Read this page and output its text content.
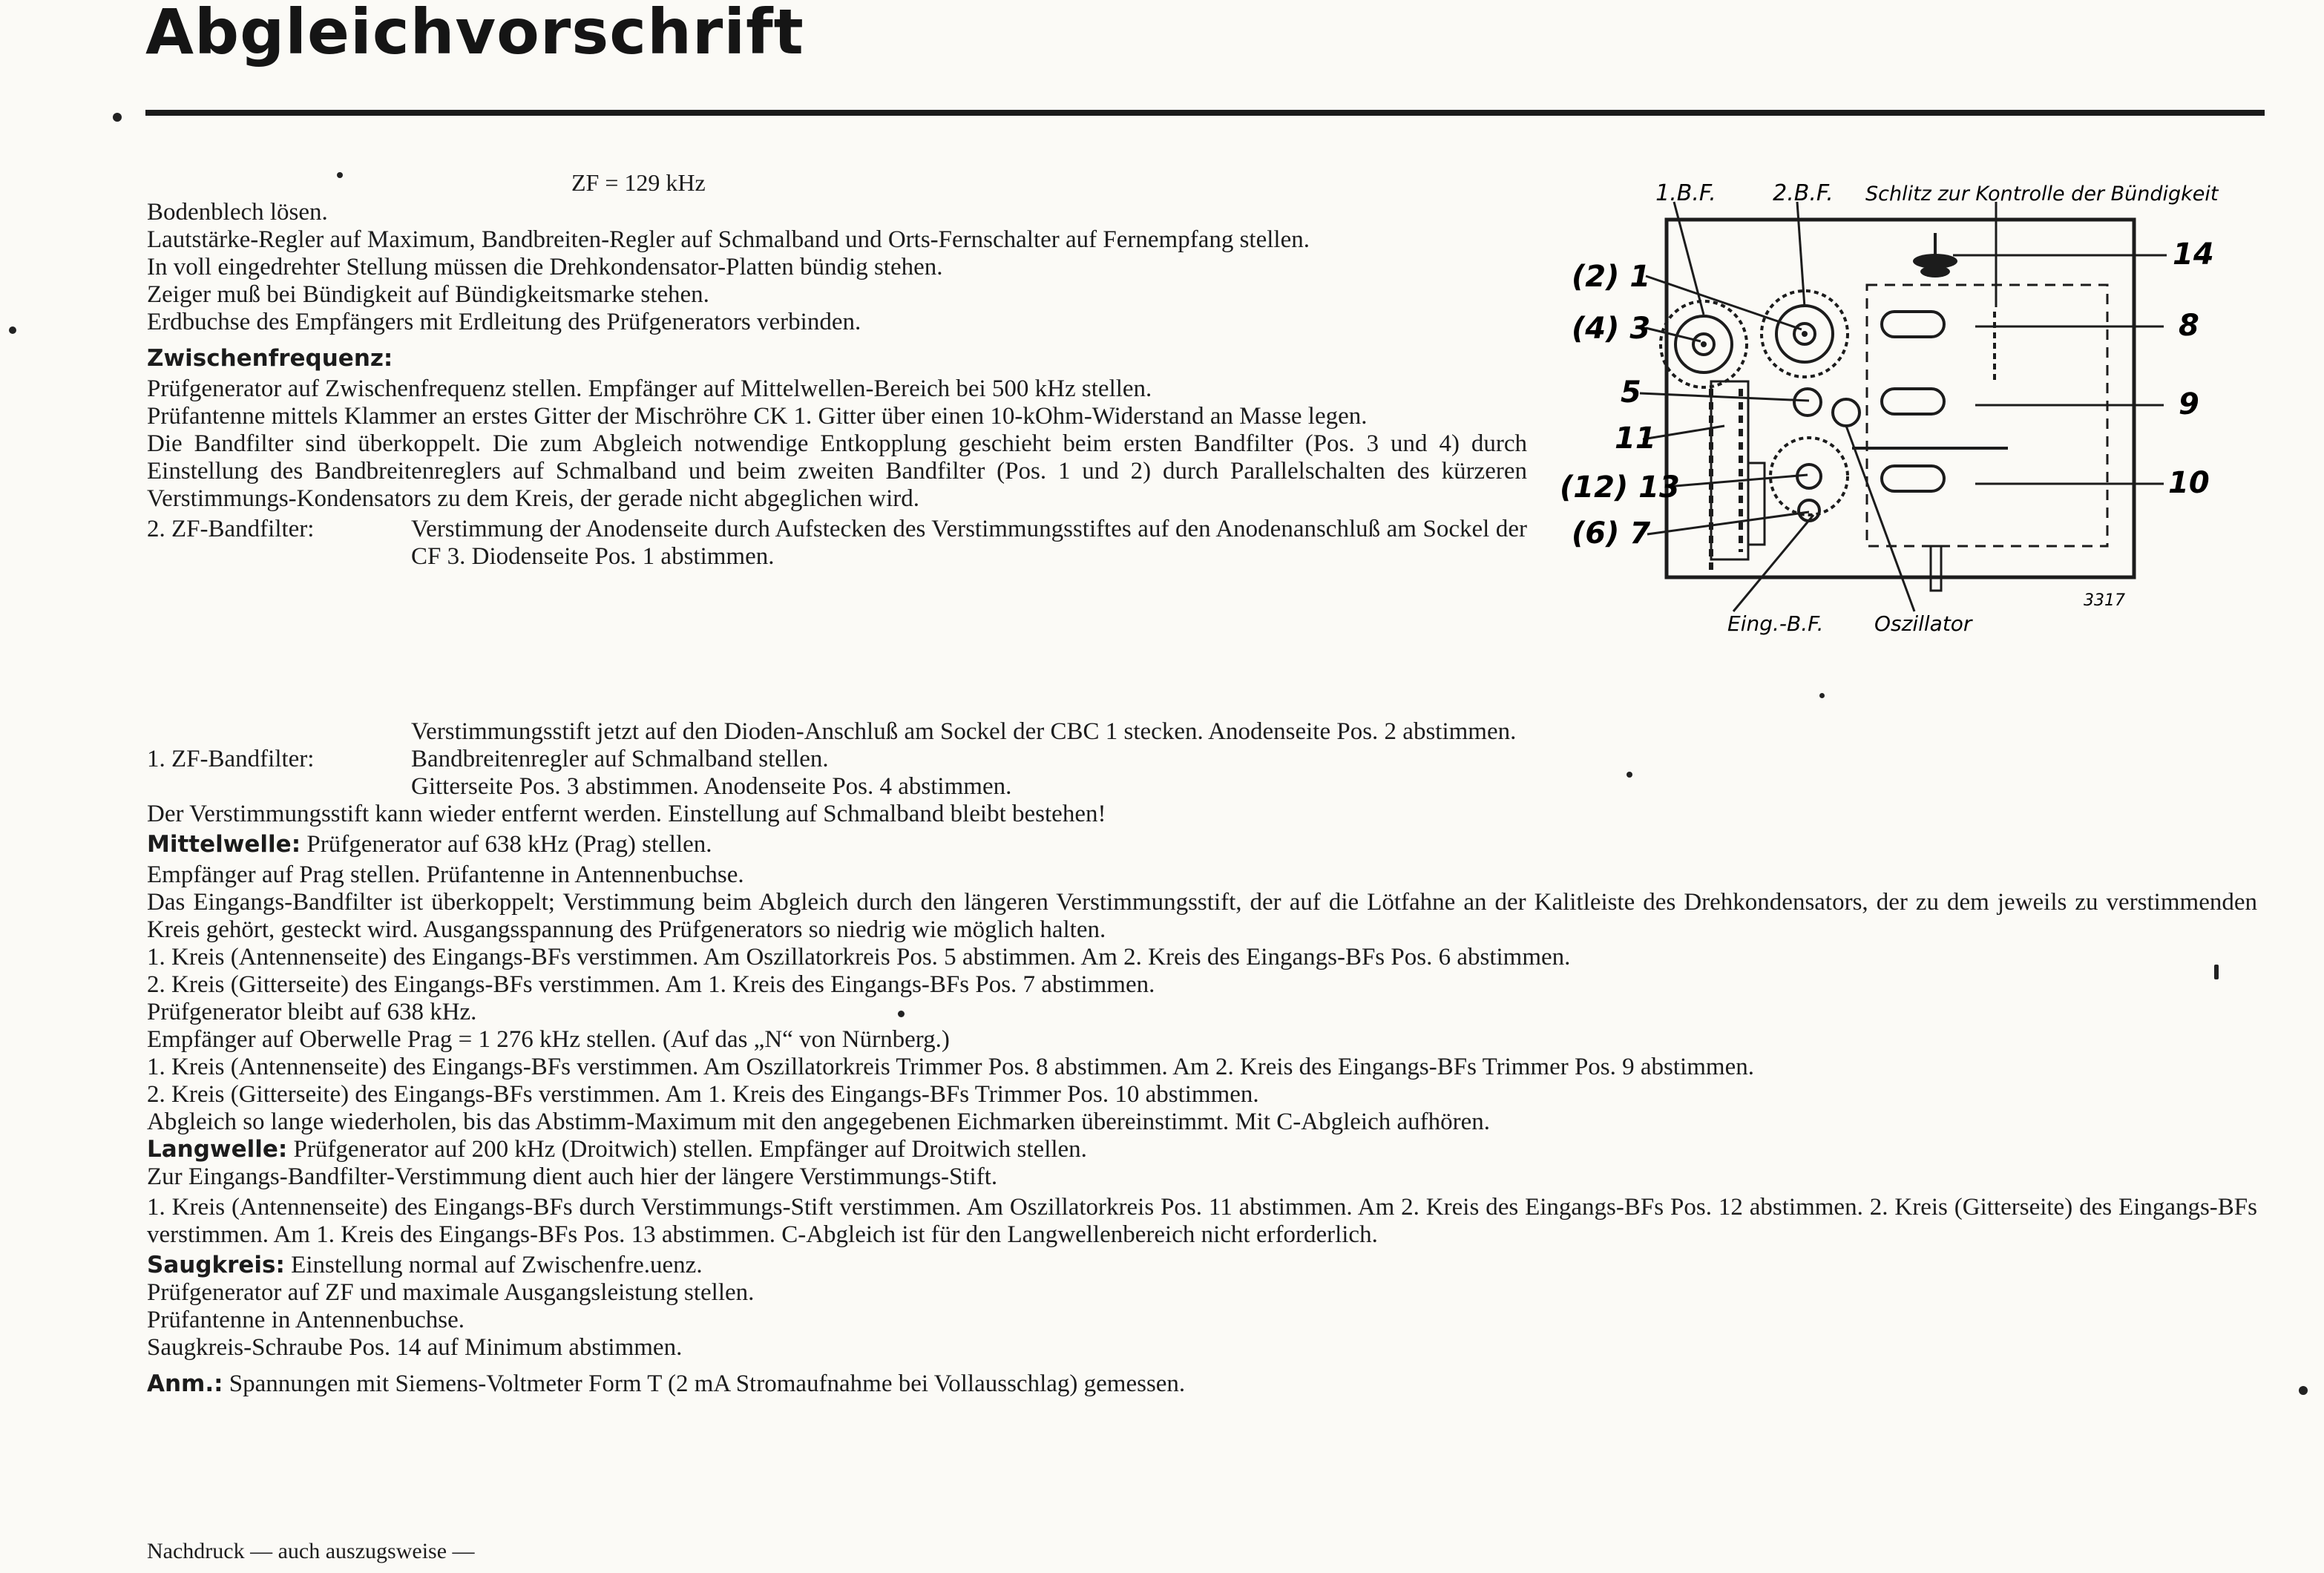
Abgleichvorschrift
ZF = 129 kHz

Bodenblech lösen.

Lautstärke-Regler auf Maximum, Bandbreiten-Regler auf Schmalband und Orts-Fernschalter auf Fernempfang stellen.

In voll eingedrehter Stellung müssen die Drehkondensator-Platten bündig stehen.

Zeiger muß bei Bündigkeit auf Bündigkeitsmarke stehen.

Erdbuchse des Empfängers mit Erdleitung des Prüfgenerators verbinden.

Zwischenfrequenz:

Prüfgenerator auf Zwischenfrequenz stellen. Empfänger auf Mittelwellen-Bereich bei 500 kHz stellen.

Prüfantenne mittels Klammer an erstes Gitter der Mischröhre CK 1. Gitter über einen 10-kOhm-Widerstand an Masse legen.

Die Bandfilter sind überkoppelt. Die zum Abgleich notwendige Entkopplung geschieht beim ersten Bandfilter (Pos. 3 und 4) durch Einstellung des Bandbreitenreglers auf Schmalband und beim zweiten Bandfilter (Pos. 1 und 2) durch Parallelschalten des kürzeren Verstimmungs-Kondensators zu dem Kreis, der gerade nicht abgeglichen wird.

2. ZF-Bandfilter:	Verstimmung der Anodenseite durch Aufstecken des Verstimmungsstiftes auf den Anodenanschluß am Sockel der CF 3. Diodenseite Pos. 1 abstimmen.

Verstimmungsstift jetzt auf den Dioden-Anschluß am Sockel der CBC 1 stecken. Anodenseite Pos. 2 abstimmen.

1. ZF-Bandfilter:	Bandbreitenregler auf Schmalband stellen.

Gitterseite Pos. 3 abstimmen. Anodenseite Pos. 4 abstimmen.

Der Verstimmungsstift kann wieder entfernt werden. Einstellung auf Schmalband bleibt bestehen!

Mittelwelle: Prüfgenerator auf 638 kHz (Prag) stellen.

Empfänger auf Prag stellen. Prüfantenne in Antennenbuchse.

Das Eingangs-Bandfilter ist überkoppelt; Verstimmung beim Abgleich durch den längeren Verstimmungsstift, der auf die Lötfahne an der Kalitleiste des Drehkondensators, der zu dem jeweils zu verstimmenden Kreis gehört, gesteckt wird. Ausgangsspannung des Prüfgenerators so niedrig wie möglich halten.

1. Kreis (Antennenseite) des Eingangs-BFs verstimmen. Am Oszillatorkreis Pos. 5 abstimmen. Am 2. Kreis des Eingangs-BFs Pos. 6 abstimmen.

2. Kreis (Gitterseite) des Eingangs-BFs verstimmen. Am 1. Kreis des Eingangs-BFs Pos. 7 abstimmen.

Prüfgenerator bleibt auf 638 kHz.

Empfänger auf Oberwelle Prag = 1 276 kHz stellen. (Auf das „N“ von Nürnberg.)

1. Kreis (Antennenseite) des Eingangs-BFs verstimmen. Am Oszillatorkreis Trimmer Pos. 8 abstimmen. Am 2. Kreis des Eingangs-BFs Trimmer Pos. 9 abstimmen.

2. Kreis (Gitterseite) des Eingangs-BFs verstimmen. Am 1. Kreis des Eingangs-BFs Trimmer Pos. 10 abstimmen.

Abgleich so lange wiederholen, bis das Abstimm-Maximum mit den angegebenen Eichmarken übereinstimmt. Mit C-Abgleich aufhören.

Langwelle: Prüfgenerator auf 200 kHz (Droitwich) stellen. Empfänger auf Droitwich stellen.

Zur Eingangs-Bandfilter-Verstimmung dient auch hier der längere Verstimmungs-Stift.

1. Kreis (Antennenseite) des Eingangs-BFs durch Verstimmungs-Stift verstimmen. Am Oszillatorkreis Pos. 11 abstimmen. Am 2. Kreis des Eingangs-BFs Pos. 12 abstimmen. 2. Kreis (Gitterseite) des Eingangs-BFs verstimmen. Am 1. Kreis des Eingangs-BFs Pos. 13 abstimmen. C-Abgleich ist für den Langwellenbereich nicht erforderlich.

Saugkreis: Einstellung normal auf Zwischenfre.uenz.

Prüfgenerator auf ZF und maximale Ausgangsleistung stellen.

Prüfantenne in Antennenbuchse.

Saugkreis-Schraube Pos. 14 auf Minimum abstimmen.

Anm.: Spannungen mit Siemens-Voltmeter Form T (2 mA Stromaufnahme bei Vollausschlag) gemessen.

Nachdruck — auch auszugsweise —
1.B.F.	2.B.F. Schlitz zur Kontrolle der Bündigkeit
14
8
9
10
(2) 1
(4) 3
5
11
(12) 13
(6) 7
3317
Eing.-B.F. Oszillator
